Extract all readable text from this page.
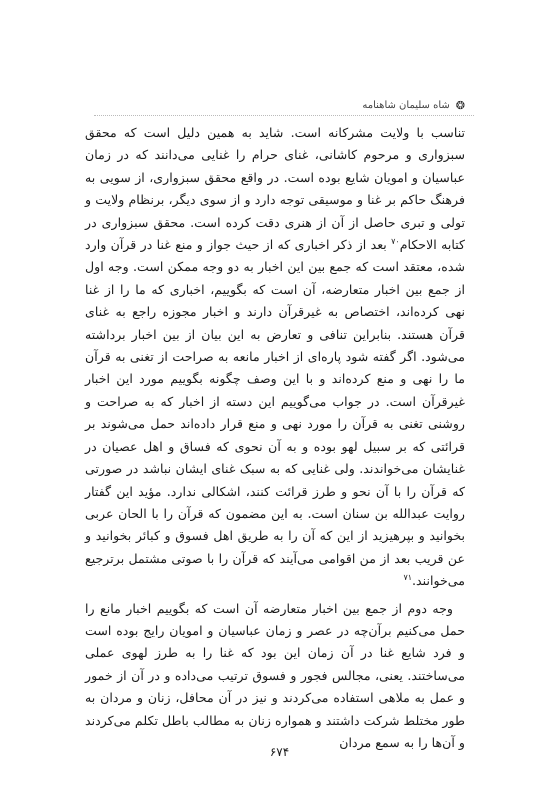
❂
شاه سلیمان شاهنامه

تناسب با ولایت مشرکانه است. شاید به همین دلیل است که محقق سبزواری و مرحوم کاشانی، غنای حرام را غنایی می‌دانند که در زمان عباسیان و امویان شایع بوده است. در واقع محقق سبزواری، از سویی به فرهنگ حاکم بر غنا و موسیقی توجه دارد و از سوی دیگر، برنظام ولایت و تولی و تبری حاصل از آن از هنری دقت کرده است. محقق سبزواری در کتابه الاحکام$^{۷۰}$ بعد از ذکر اخباری که از حیث جواز و منع غنا در قرآن وارد شده، معتقد است که جمع بین این اخبار به دو وجه ممکن است. وجه اول از جمع بین اخبار متعارضه، آن است که بگوییم، اخباری که ما را از غنا نهی کرده‌اند، اختصاص به غیرقرآن دارند و اخبار مجوزه راجع به غنای قرآن هستند. بنابراین تنافی و تعارض به این بیان از بین اخبار برداشته می‌شود. اگر گفته شود پاره‌ای از اخبار مانعه به صراحت از تغنی به قرآن ما را نهی و منع کرده‌اند و با این وصف چگونه بگوییم مورد این اخبار غیرقرآن است. در جواب می‌گوییم این دسته از اخبار که به صراحت و روشنی تغنی به قرآن را مورد نهی و منع قرار داده‌اند حمل می‌شوند بر قرائتی که بر سبیل لهو بوده و به آن نحوی که فساق و اهل عصیان در غنایشان می‌خواندند. ولی غنایی که به سبک غنای ایشان نباشد در صورتی که قرآن را با آن نحو و طرز قرائت کنند، اشکالی ندارد. مؤید این گفتار روایت عبدالله بن سنان است. به این مضمون که قرآن را با الحان عربی بخوانید و بپرهیزید از این که آن را به طریق اهل فسوق و کبائر بخوانید و عن قریب بعد از من اقوامی می‌آیند که قرآن را با صوتی مشتمل برترجیع می‌خوانند.$^{۷۱}$

وجه دوم از جمع بین اخبار متعارضه آن است که بگوییم اخبار مانع را حمل می‌کنیم برآن‌چه در عصر و زمان عباسیان و امویان رایج بوده است و فرد شایع غنا در آن زمان این بود که غنا را به طرز لهوی عملی می‌ساختند. یعنی، مجالس فجور و فسوق ترتیب می‌داده و در آن از خمور و عمل به ملاهی استفاده می‌کردند و نیز در آن محافل، زنان و مردان به طور مختلط شرکت داشتند و همواره زنان به مطالب باطل تکلم می‌کردند و آن‌ها را به سمع مردان

۶۷۴
